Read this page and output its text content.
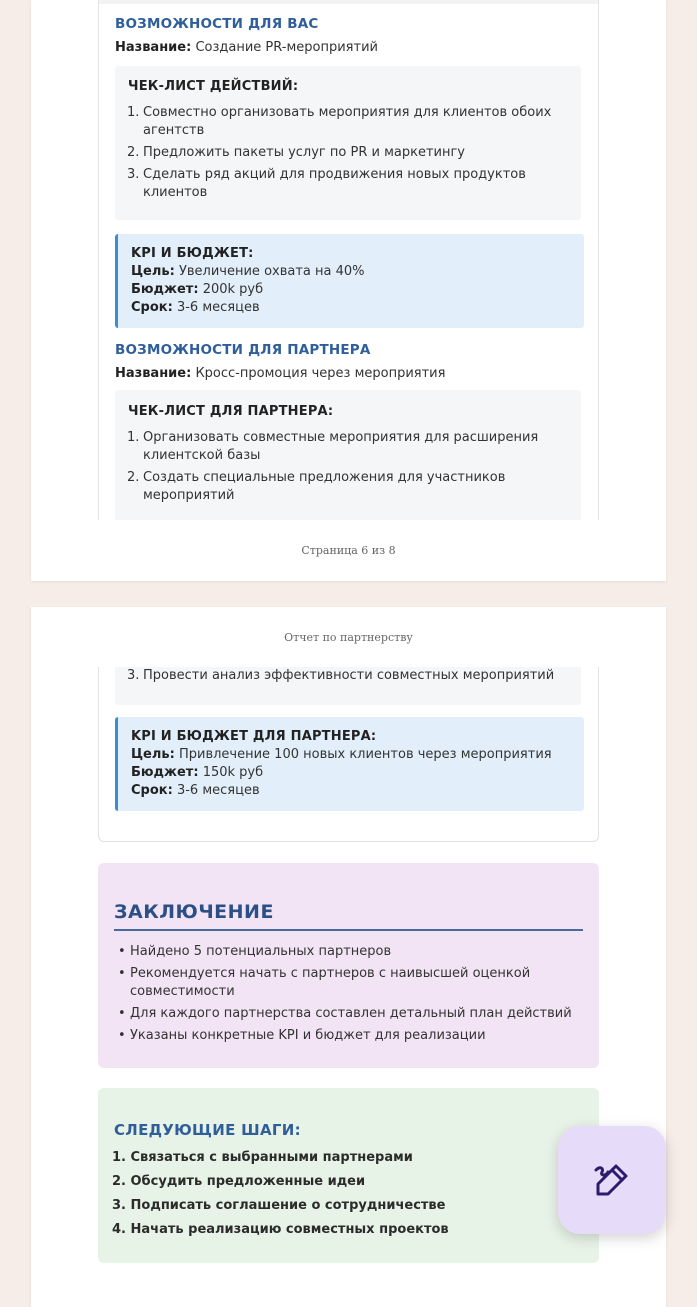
ВОЗМОЖНОСТИ ДЛЯ ВАС
Название: Создание PR-мероприятий
ЧЕК-ЛИСТ ДЕЙСТВИЙ:
1. Совместно организовать мероприятия для клиентов обоих агентств
2. Предложить пакеты услуг по PR и маркетингу
3. Сделать ряд акций для продвижения новых продуктов клиентов
KPI И БЮДЖЕТ:
Цель: Увеличение охвата на 40%
Бюджет: 200k руб
Срок: 3-6 месяцев
ВОЗМОЖНОСТИ ДЛЯ ПАРТНЕРА
Название: Кросс-промоция через мероприятия
ЧЕК-ЛИСТ ДЛЯ ПАРТНЕРА:
1. Организовать совместные мероприятия для расширения клиентской базы
2. Создать специальные предложения для участников мероприятий
Страница 6 из 8
Отчет по партнерству
3. Провести анализ эффективности совместных мероприятий
KPI И БЮДЖЕТ ДЛЯ ПАРТНЕРА:
Цель: Привлечение 100 новых клиентов через мероприятия
Бюджет: 150k руб
Срок: 3-6 месяцев
ЗАКЛЮЧЕНИЕ
• Найдено 5 потенциальных партнеров
• Рекомендуется начать с партнеров с наивысшей оценкой совместимости
• Для каждого партнерства составлен детальный план действий
• Указаны конкретные KPI и бюджет для реализации
СЛЕДУЮЩИЕ ШАГИ:
1. Связаться с выбранными партнерами
2. Обсудить предложенные идеи
3. Подписать соглашение о сотрудничестве
4. Начать реализацию совместных проектов
